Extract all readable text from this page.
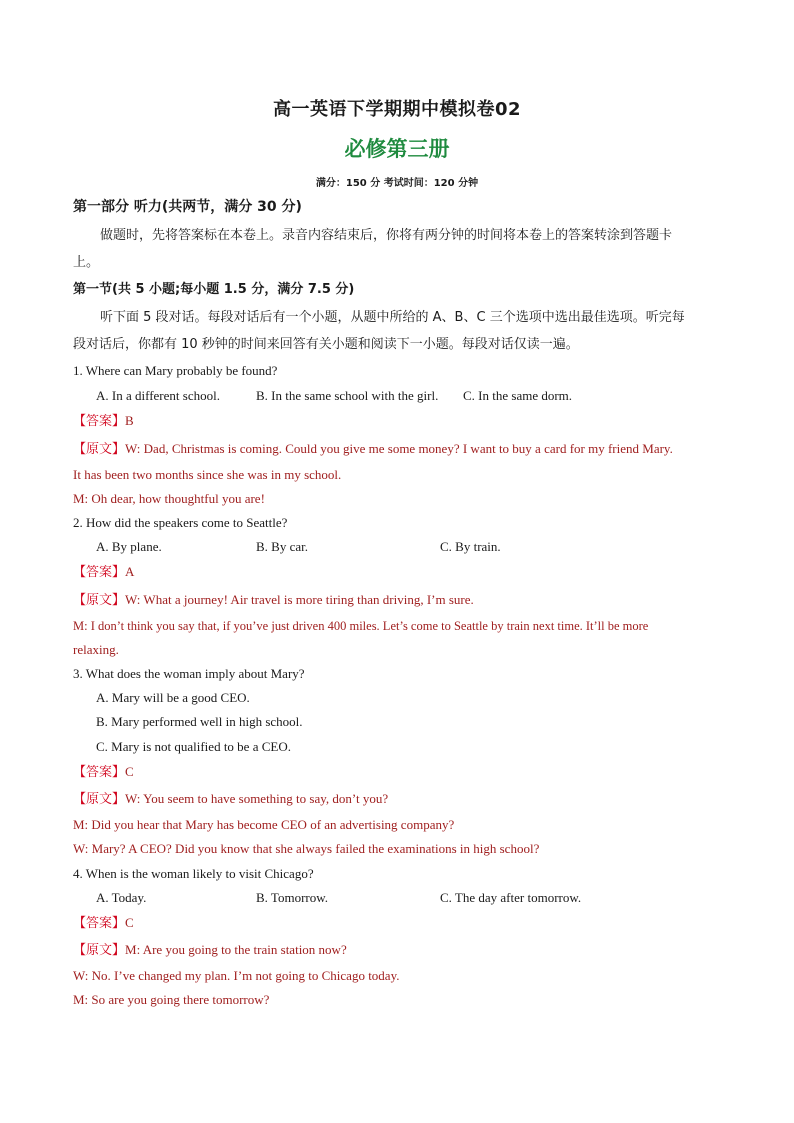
高一英语下学期期中模拟卷02
必修第三册
满分：150 分 考试时间：120 分钟
第一部分 听力(共两节，满分 30 分)
做题时，先将答案标在本卷上。录音内容结束后，你将有两分钟的时间将本卷上的答案转涂到答题卡
上。
第一节(共 5 小题;每小题 1.5 分，满分 7.5 分)
听下面 5 段对话。每段对话后有一个小题，从题中所给的 A、B、C 三个选项中选出最佳选项。听完每
段对话后，你都有 10 秒钟的时间来回答有关小题和阅读下一小题。每段对话仅读一遍。
1. Where can Mary probably be found?
A. In a different school.	B. In the same school with the girl. C. In the same dorm.
【答案】B
【原文】W: Dad, Christmas is coming. Could you give me some money? I want to buy a card for my friend Mary.
It has been two months since she was in my school.
M: Oh dear, how thoughtful you are!
2. How did the speakers come to Seattle?
A. By plane.	B. By car.	C. By train.
【答案】A
【原文】W: What a journey! Air travel is more tiring than driving, I’m sure.
M: I don’t think you say that, if you’ve just driven 400 miles. Let’s come to Seattle by train next time. It’ll be more
relaxing.
3. What does the woman imply about Mary?
A. Mary will be a good CEO.
B. Mary performed well in high school.
C. Mary is not qualified to be a CEO.
【答案】C
【原文】W: You seem to have something to say, don’t you?
M: Did you hear that Mary has become CEO of an advertising company?
W: Mary? A CEO? Did you know that she always failed the examinations in high school?
4. When is the woman likely to visit Chicago?
A. Today.	B. Tomorrow.	C. The day after tomorrow.
【答案】C
【原文】M: Are you going to the train station now?
W: No. I’ve changed my plan. I’m not going to Chicago today.
M: So are you going there tomorrow?
